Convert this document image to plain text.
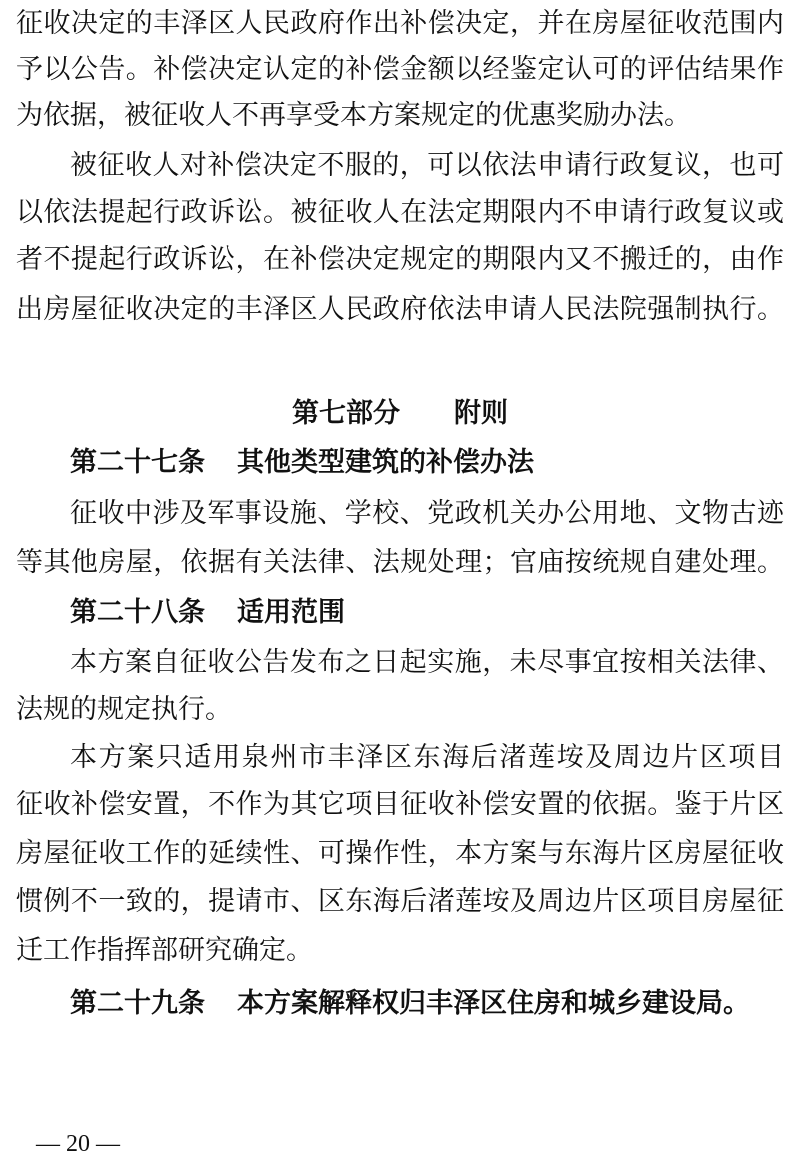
征收决定的丰泽区人民政府作出补偿决定，并在房屋征收范围内

予以公告。补偿决定认定的补偿金额以经鉴定认可的评估结果作

为依据，被征收人不再享受本方案规定的优惠奖励办法。

被征收人对补偿决定不服的，可以依法申请行政复议，也可

以依法提起行政诉讼。被征收人在法定期限内不申请行政复议或

者不提起行政诉讼，在补偿决定规定的期限内又不搬迁的，由作

出房屋征收决定的丰泽区人民政府依法申请人民法院强制执行。

第七部分 附则
第二十七条 其他类型建筑的补偿办法

征收中涉及军事设施、学校、党政机关办公用地、文物古迹

等其他房屋，依据有关法律、法规处理；官庙按统规自建处理。

第二十八条 适用范围

本方案自征收公告发布之日起实施，未尽事宜按相关法律、

法规的规定执行。

本方案只适用泉州市丰泽区东海后渚莲垵及周边片区项目

征收补偿安置，不作为其它项目征收补偿安置的依据。鉴于片区

房屋征收工作的延续性、可操作性，本方案与东海片区房屋征收

惯例不一致的，提请市、区东海后渚莲垵及周边片区项目房屋征

迁工作指挥部研究确定。

第二十九条 本方案解释权归丰泽区住房和城乡建设局。
— 20 —
